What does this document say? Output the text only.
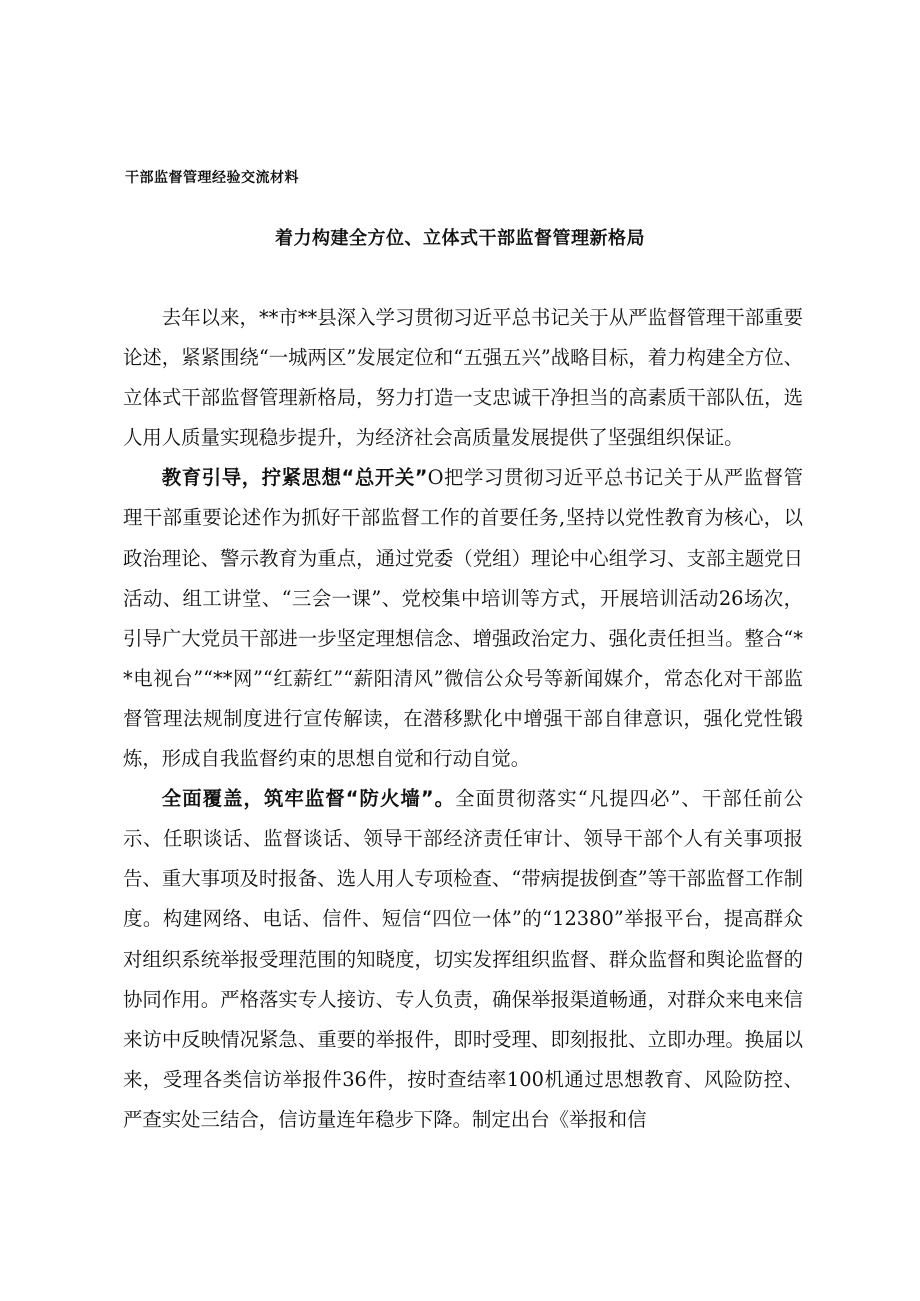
干部监督管理经验交流材料
着力构建全方位、立体式干部监督管理新格局

去年以来，**市**县深入学习贯彻习近平总书记关于从严监督管理干部重要论述，紧紧围绕“一城两区”发展定位和“五强五兴”战略目标，着力构建全方位、立体式干部监督管理新格局，努力打造一支忠诚干净担当的高素质干部队伍，选人用人质量实现稳步提升，为经济社会高质量发展提供了坚强组织保证。

教育引导，拧紧思想“总开关”O把学习贯彻习近平总书记关于从严监督管理干部重要论述作为抓好干部监督工作的首要任务,坚持以党性教育为核心，以政治理论、警示教育为重点，通过党委（党组）理论中心组学习、支部主题党日活动、组工讲堂、“三会一课”、党校集中培训等方式，开展培训活动26场次，引导广大党员干部进一步坚定理想信念、增强政治定力、强化责任担当。整合“**电视台”“**网”“红薪红”“薪阳清风”微信公众号等新闻媒介，常态化对干部监督管理法规制度进行宣传解读，在潜移默化中增强干部自律意识，强化党性锻炼，形成自我监督约束的思想自觉和行动自觉。

全面覆盖，筑牢监督“防火墙”。全面贯彻落实“凡提四必”、干部任前公示、任职谈话、监督谈话、领导干部经济责任审计、领导干部个人有关事项报告、重大事项及时报备、选人用人专项检查、“带病提拔倒查”等干部监督工作制度。构建网络、电话、信件、短信“四位一体”的“12380”举报平台，提高群众对组织系统举报受理范围的知晓度，切实发挥组织监督、群众监督和舆论监督的协同作用。严格落实专人接访、专人负责，确保举报渠道畅通，对群众来电来信来访中反映情况紧急、重要的举报件，即时受理、即刻报批、立即办理。换届以来，受理各类信访举报件36件，按时查结率100机通过思想教育、风险防控、严查实处三结合，信访量连年稳步下降。制定出台《举报和信
